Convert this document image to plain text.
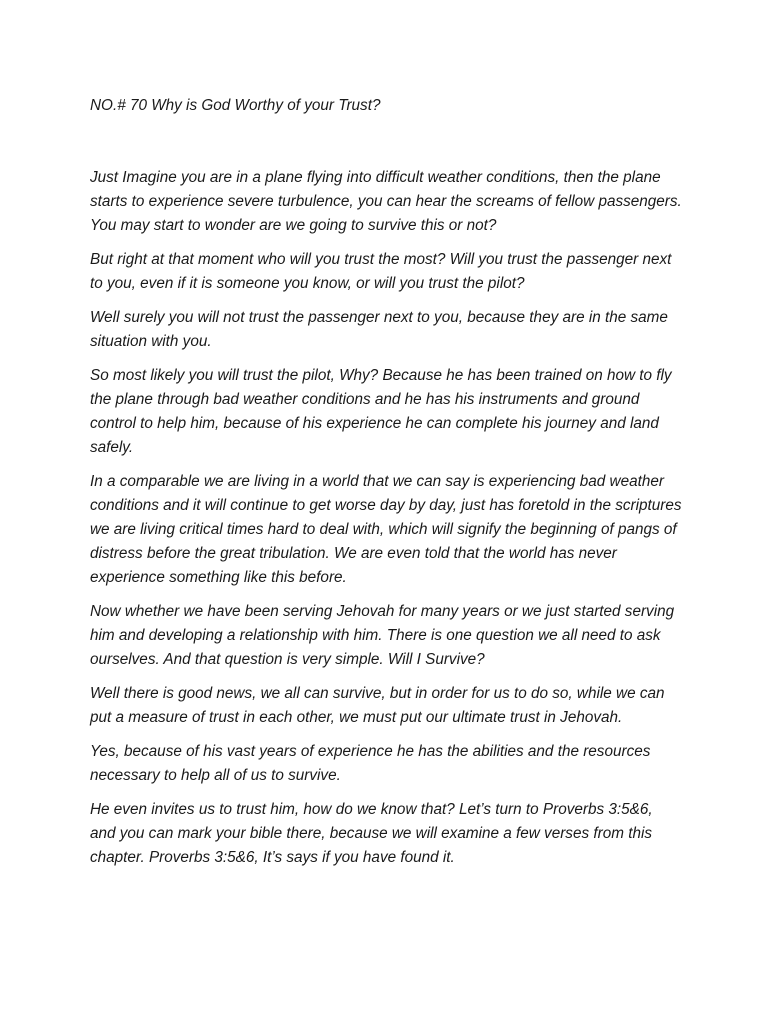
NO.# 70 Why is God Worthy of your Trust?

Just Imagine you are in a plane flying into difficult weather conditions, then the plane starts to experience severe turbulence, you can hear the screams of fellow passengers. You may start to wonder are we going to survive this or not?

But right at that moment who will you trust the most? Will you trust the passenger next to you, even if it is someone you know, or will you trust the pilot?

Well surely you will not trust the passenger next to you, because they are in the same situation with you.

So most likely you will trust the pilot, Why? Because he has been trained on how to fly the plane through bad weather conditions and he has his instruments and ground control to help him, because of his experience he can complete his journey and land safely.

In a comparable we are living in a world that we can say is experiencing bad weather conditions and it will continue to get worse day by day, just has foretold in the scriptures we are living critical times hard to deal with, which will signify the beginning of pangs of distress before the great tribulation. We are even told that the world has never experience something like this before.

Now whether we have been serving Jehovah for many years or we just started serving him and developing a relationship with him. There is one question we all need to ask ourselves. And that question is very simple. Will I Survive?

Well there is good news, we all can survive, but in order for us to do so, while we can put a measure of trust in each other, we must put our ultimate trust in Jehovah.

Yes, because of his vast years of experience he has the abilities and the resources necessary to help all of us to survive.

He even invites us to trust him, how do we know that? Let’s turn to Proverbs 3:5&6, and you can mark your bible there, because we will examine a few verses from this chapter. Proverbs 3:5&6, It’s says if you have found it.
